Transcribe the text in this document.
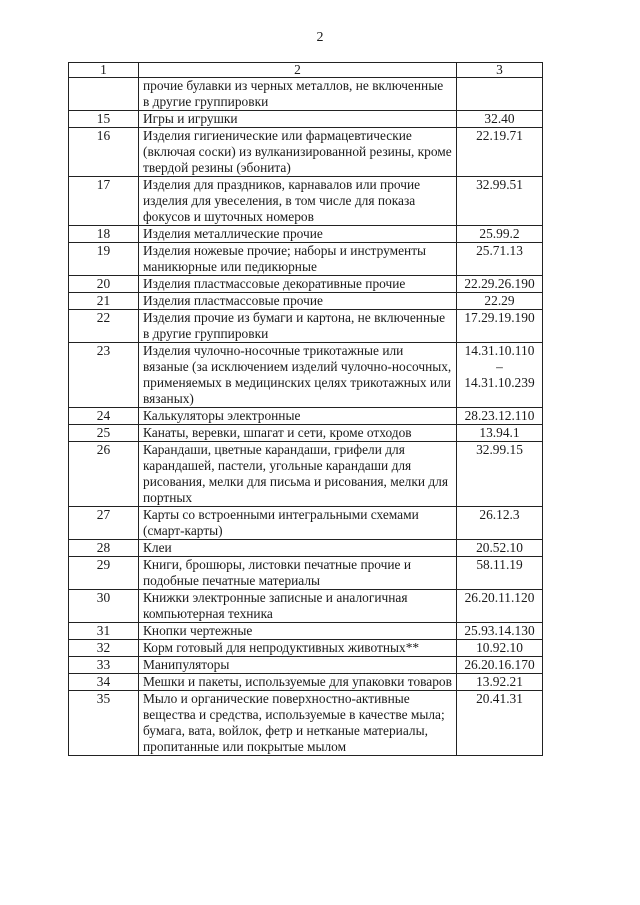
2
1	2	3
	прочие булавки из черных металлов, не включенные в другие группировки	
15	Игры и игрушки	32.40
16	Изделия гигиенические или фармацевтические (включая соски) из вулканизированной резины, кроме твердой резины (эбонита)	22.19.71
17	Изделия для праздников, карнавалов или прочие изделия для увеселения, в том числе для показа фокусов и шуточных номеров	32.99.51
18	Изделия металлические прочие	25.99.2
19	Изделия ножевые прочие; наборы и инструменты маникюрные или педикюрные	25.71.13
20	Изделия пластмассовые декоративные прочие	22.29.26.190
21	Изделия пластмассовые прочие	22.29
22	Изделия прочие из бумаги и картона, не включенные в другие группировки	17.29.19.190
23	Изделия чулочно-носочные трикотажные или вязаные (за исключением изделий чулочно-носочных, применяемых в медицинских целях трикотажных или вязаных)	14.31.10.110 – 14.31.10.239
24	Калькуляторы электронные	28.23.12.110
25	Канаты, веревки, шпагат и сети, кроме отходов	13.94.1
26	Карандаши, цветные карандаши, грифели для карандашей, пастели, угольные карандаши для рисования, мелки для письма и рисования, мелки для портных	32.99.15
27	Карты со встроенными интегральными схемами (смарт-карты)	26.12.3
28	Клеи	20.52.10
29	Книги, брошюры, листовки печатные прочие и подобные печатные материалы	58.11.19
30	Книжки электронные записные и аналогичная компьютерная техника	26.20.11.120
31	Кнопки чертежные	25.93.14.130
32	Корм готовый для непродуктивных животных**	10.92.10
33	Манипуляторы	26.20.16.170
34	Мешки и пакеты, используемые для упаковки товаров	13.92.21
35	Мыло и органические поверхностно-активные вещества и средства, используемые в качестве мыла; бумага, вата, войлок, фетр и нетканые материалы, пропитанные или покрытые мылом	20.41.31
